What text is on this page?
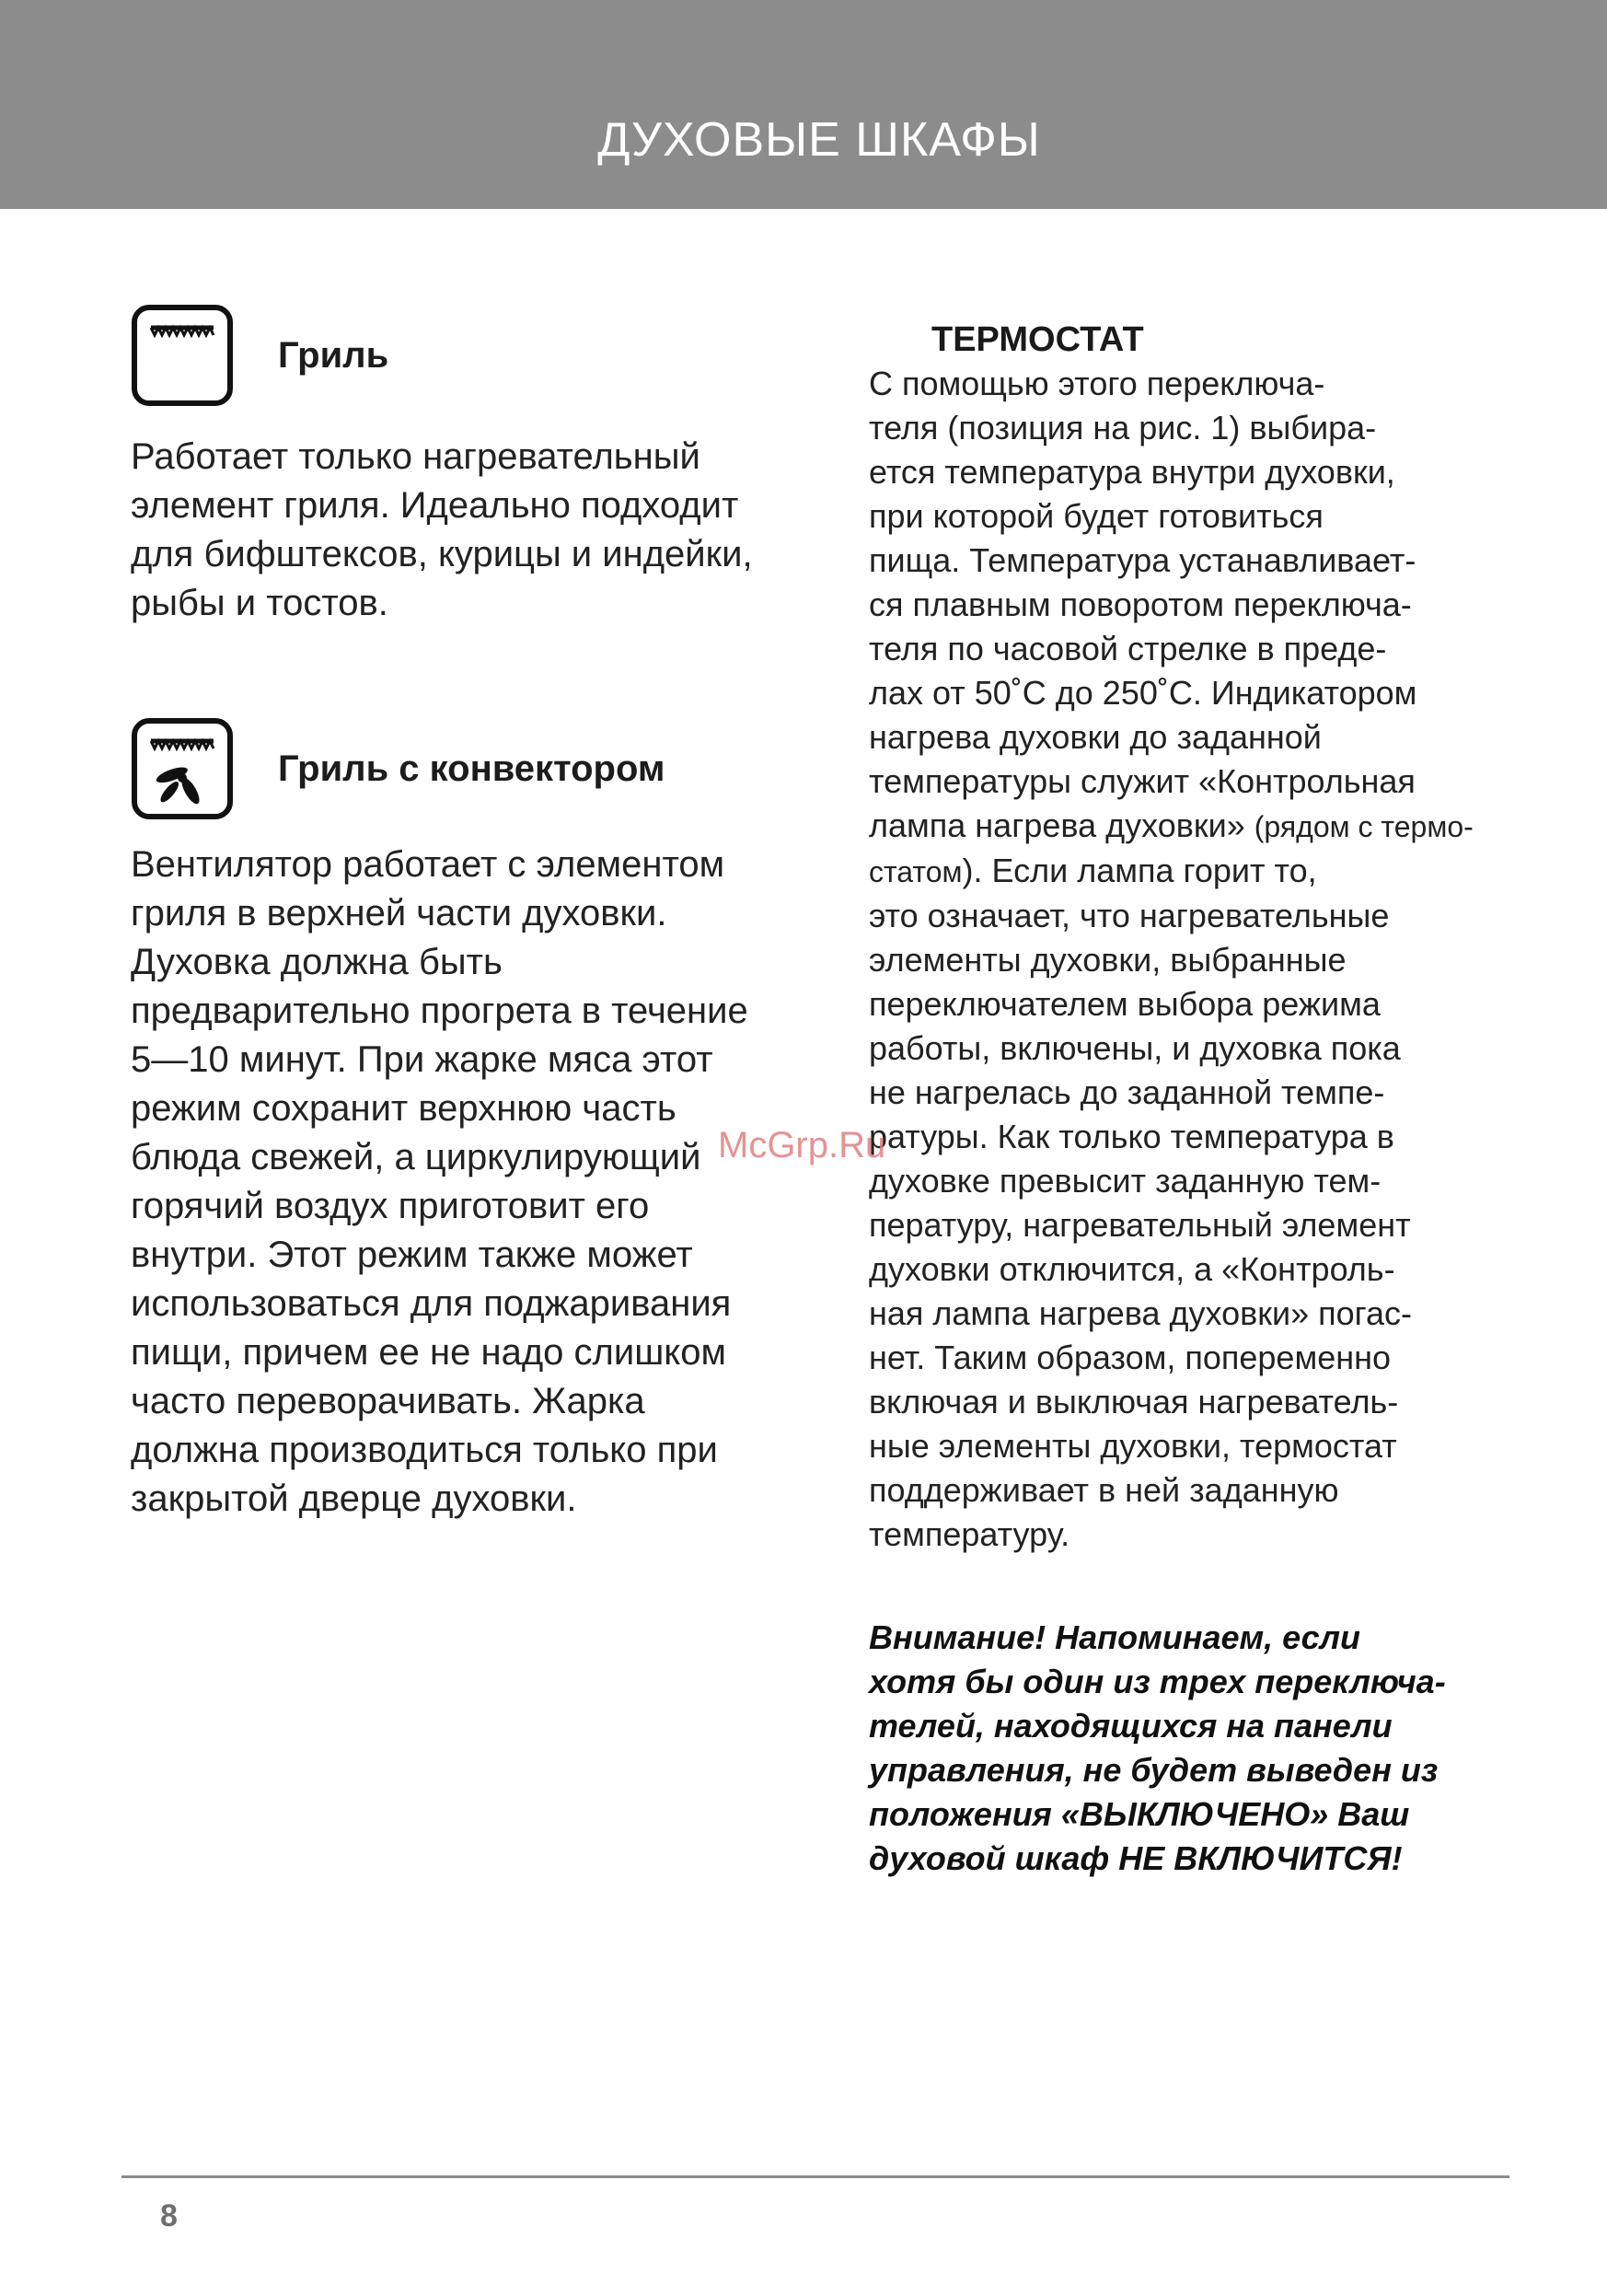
ДУХОВЫЕ ШКАФЫ
Гриль

Работает только нагревательный
элемент гриля. Идеально подходит
для бифштексов, курицы и индейки,
рыбы и тостов.

Гриль с конвектором

Вентилятор работает с элементом
гриля в верхней части духовки.
Духовка должна быть
предварительно прогрета в течение
5—10 минут. При жарке мяса этот
режим сохранит верхнюю часть
блюда свежей, а циркулирующий
горячий воздух приготовит его
внутри. Этот режим также может
использоваться для поджаривания
пищи, причем ее не надо слишком
часто переворачивать. Жарка
должна производиться только при
закрытой дверце духовки.

ТЕРМОСТАТ

С помощью этого переключа-
теля (позиция на рис. 1) выбира-
ется температура внутри духовки,
при которой будет готовиться
пища. Температура устанавливает-
ся плавным поворотом переключа-
теля по часовой стрелке в преде-
лах от 50˚С до 250˚С. Индикатором
нагрева духовки до заданной
температуры служит «Контрольная
лампа нагрева духовки» (рядом с термо-
статом). Если лампа горит то,
это означает, что нагревательные
элементы духовки, выбранные
переключателем выбора режима
работы, включены, и духовка пока
не нагрелась до заданной темпе-
ратуры. Как только температура в
духовке превысит заданную тем-
пературу, нагревательный элемент
духовки отключится, а «Контроль-
ная лампа нагрева духовки» погас-
нет. Таким образом, попеременно
включая и выключая нагреватель-
ные элементы духовки, термостат
поддерживает в ней заданную
температуру.

Внимание! Напоминаем, если
хотя бы один из трех переключа-
телей, находящихся на панели
управления, не будет выведен из
положения «ВЫКЛЮЧЕНО» Ваш
духовой шкаф НЕ ВКЛЮЧИТСЯ!
McGrp.Ru
8
